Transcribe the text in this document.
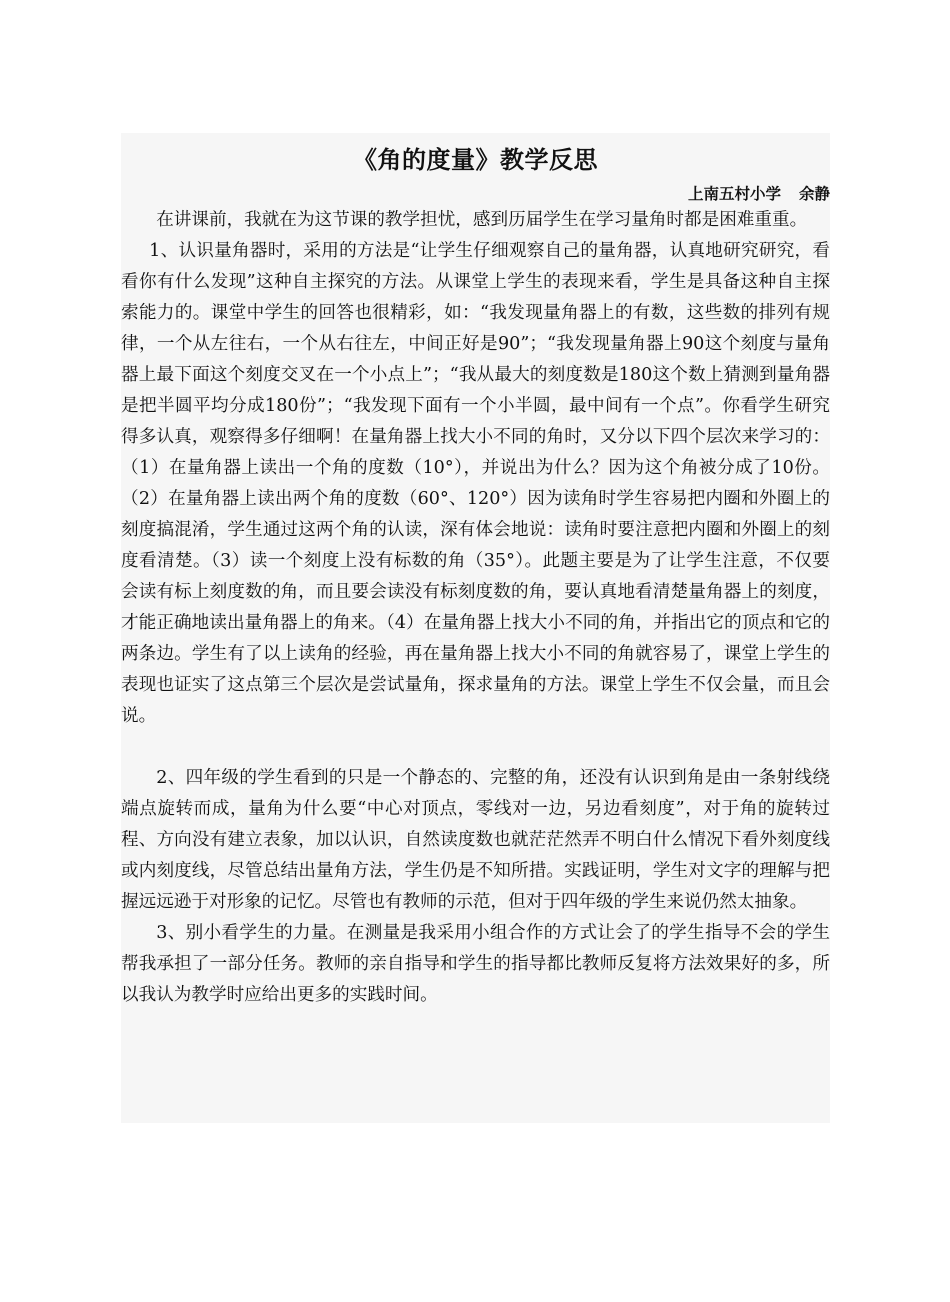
《角的度量》教学反思
上南五村小学 余静

在讲课前，我就在为这节课的教学担忧，感到历届学生在学习量角时都是困难重重。

1、认识量角器时，采用的方法是“让学生仔细观察自己的量角器，认真地研究研究，看看你有什么发现”这种自主探究的方法。从课堂上学生的表现来看，学生是具备这种自主探索能力的。课堂中学生的回答也很精彩，如：“我发现量角器上的有数，这些数的排列有规律，一个从左往右，一个从右往左，中间正好是90”；“我发现量角器上90这个刻度与量角器上最下面这个刻度交叉在一个小点上”；“我从最大的刻度数是180这个数上猜测到量角器是把半圆平均分成180份”；“我发现下面有一个小半圆，最中间有一个点”。你看学生研究得多认真，观察得多仔细啊！在量角器上找大小不同的角时，又分以下四个层次来学习的：（1）在量角器上读出一个角的度数（10°），并说出为什么？因为这个角被分成了10份。（2）在量角器上读出两个角的度数（60°、120°）因为读角时学生容易把内圈和外圈上的刻度搞混淆，学生通过这两个角的认读，深有体会地说：读角时要注意把内圈和外圈上的刻度看清楚。（3）读一个刻度上没有标数的角（35°）。此题主要是为了让学生注意，不仅要会读有标上刻度数的角，而且要会读没有标刻度数的角，要认真地看清楚量角器上的刻度，才能正确地读出量角器上的角来。（4）在量角器上找大小不同的角，并指出它的顶点和它的两条边。学生有了以上读角的经验，再在量角器上找大小不同的角就容易了，课堂上学生的表现也证实了这点第三个层次是尝试量角，探求量角的方法。课堂上学生不仅会量，而且会说。

2、四年级的学生看到的只是一个静态的、完整的角，还没有认识到角是由一条射线绕端点旋转而成，量角为什么要“中心对顶点，零线对一边，另边看刻度”，对于角的旋转过程、方向没有建立表象，加以认识，自然读度数也就茫茫然弄不明白什么情况下看外刻度线或内刻度线，尽管总结出量角方法，学生仍是不知所措。实践证明，学生对文字的理解与把握远远逊于对形象的记忆。尽管也有教师的示范，但对于四年级的学生来说仍然太抽象。

3、别小看学生的力量。在测量是我采用小组合作的方式让会了的学生指导不会的学生帮我承担了一部分任务。教师的亲自指导和学生的指导都比教师反复将方法效果好的多，所以我认为教学时应给出更多的实践时间。
